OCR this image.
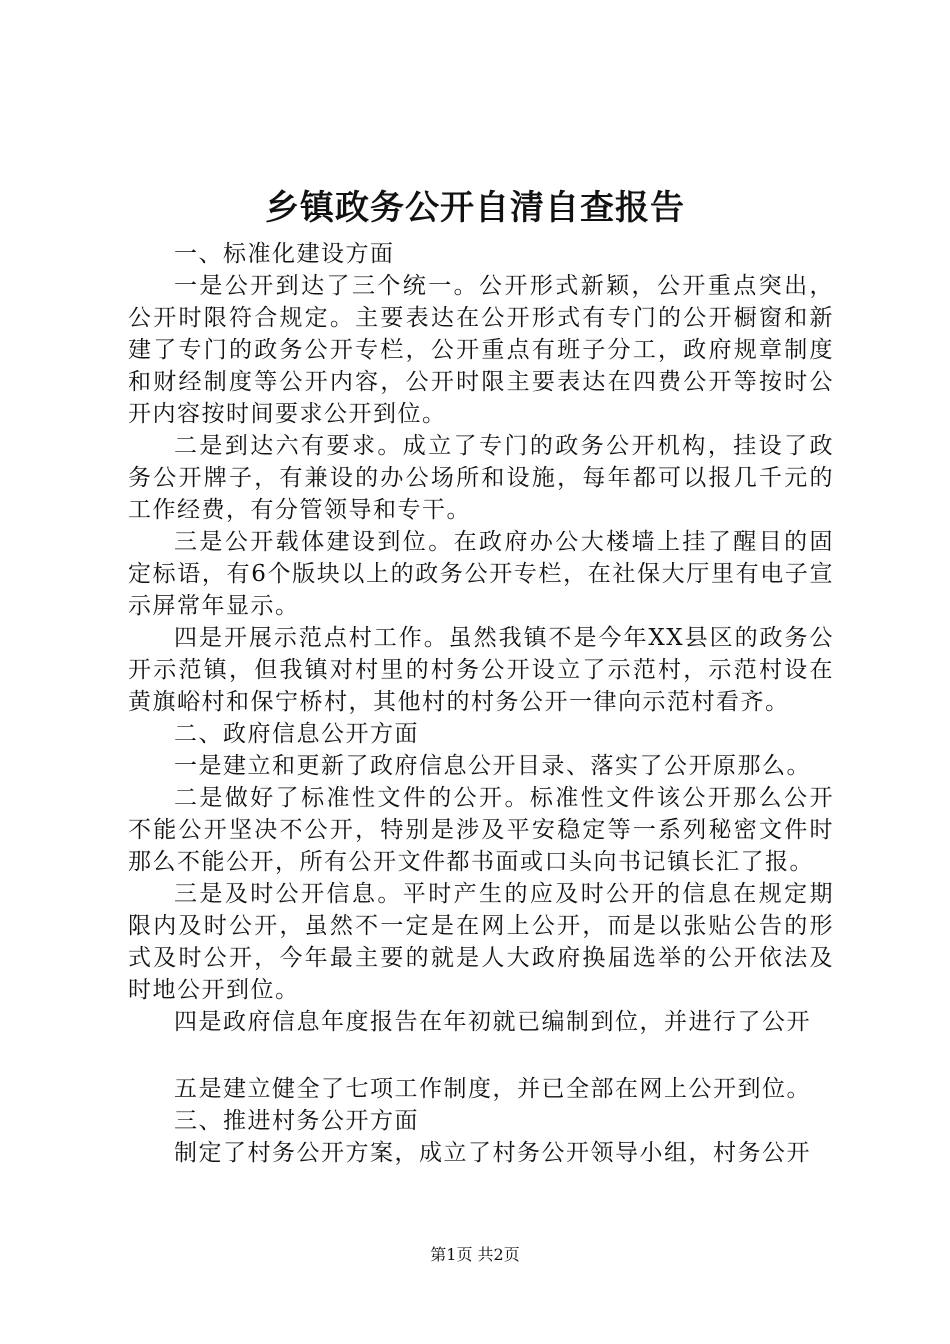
乡镇政务公开自清自查报告

一、标准化建设方面

一是公开到达了三个统一。公开形式新颖，公开重点突出，公开时限符合规定。主要表达在公开形式有专门的公开橱窗和新建了专门的政务公开专栏，公开重点有班子分工，政府规章制度和财经制度等公开内容，公开时限主要表达在四费公开等按时公开内容按时间要求公开到位。

二是到达六有要求。成立了专门的政务公开机构，挂设了政务公开牌子，有兼设的办公场所和设施，每年都可以报几千元的工作经费，有分管领导和专干。

三是公开载体建设到位。在政府办公大楼墙上挂了醒目的固定标语，有6个版块以上的政务公开专栏，在社保大厅里有电子宣示屏常年显示。

四是开展示范点村工作。虽然我镇不是今年XX县区的政务公开示范镇，但我镇对村里的村务公开设立了示范村，示范村设在黄旗峪村和保宁桥村，其他村的村务公开一律向示范村看齐。

二、政府信息公开方面

一是建立和更新了政府信息公开目录、落实了公开原那么。

二是做好了标准性文件的公开。标准性文件该公开那么公开不能公开坚决不公开，特别是涉及平安稳定等一系列秘密文件时那么不能公开，所有公开文件都书面或口头向书记镇长汇了报。

三是及时公开信息。平时产生的应及时公开的信息在规定期限内及时公开，虽然不一定是在网上公开，而是以张贴公告的形式及时公开，今年最主要的就是人大政府换届选举的公开依法及时地公开到位。

四是政府信息年度报告在年初就已编制到位，并进行了公开

五是建立健全了七项工作制度，并已全部在网上公开到位。

三、推进村务公开方面

制定了村务公开方案，成立了村务公开领导小组，村务公开

第1页 共2页
